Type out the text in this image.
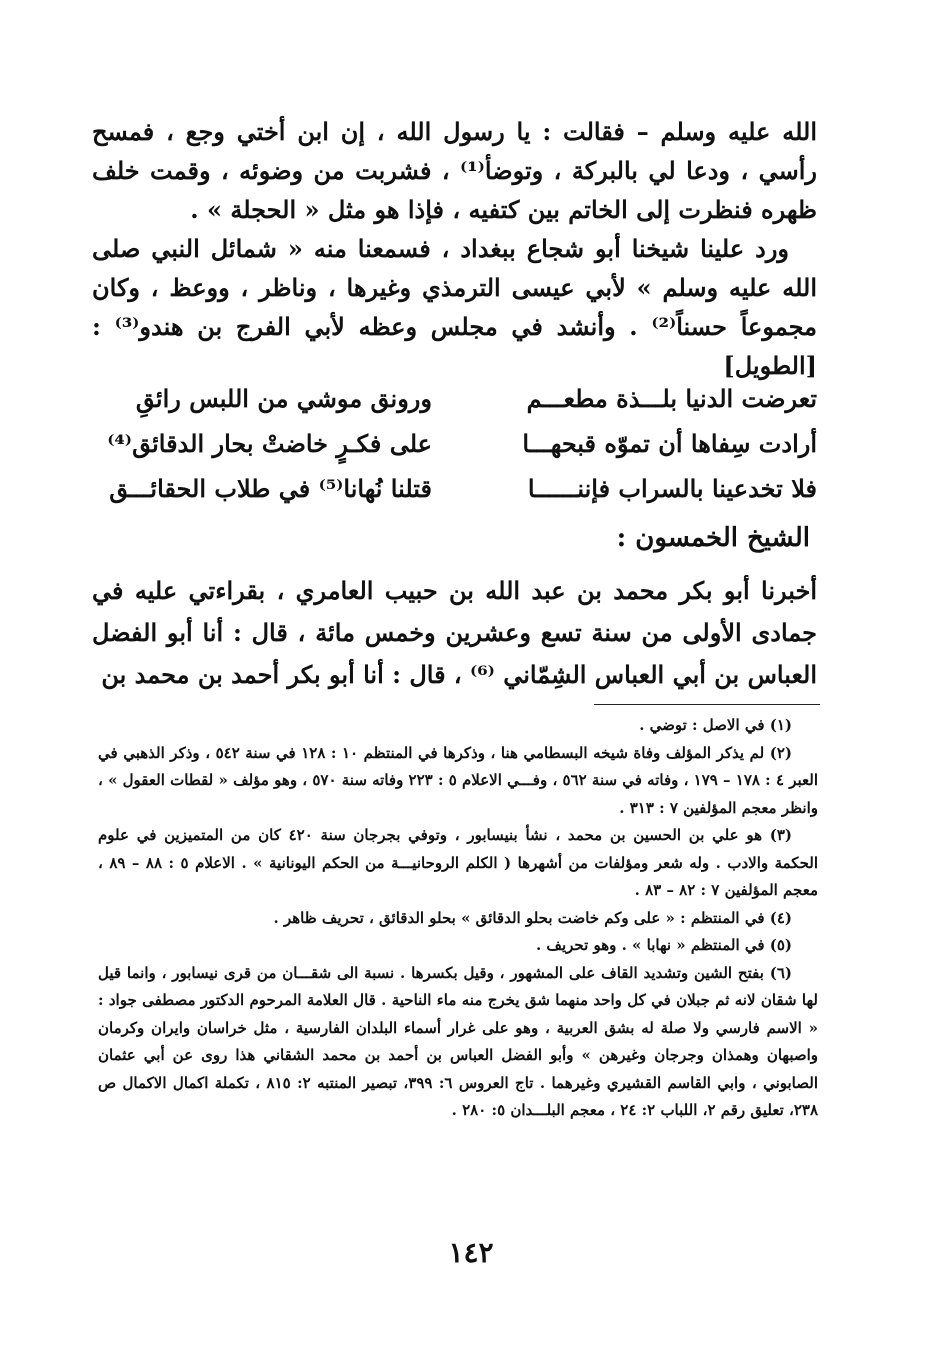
الله عليه وسلم – فقالت : يا رسول الله ، إن ابن أختي وجع ، فمسح رأسي ، ودعا لي بالبركة ، وتوضأ⁽¹⁾ ، فشربت من وضوئه ، وقمت خلف ظهره فنظرت إلى الخاتم بين كتفيه ، فإذا هو مثل « الحجلة » .

ورد علينا شيخنا أبو شجاع ببغداد ، فسمعنا منه « شمائل النبي صلى الله عليه وسلم » لأبي عيسى الترمذي وغيرها ، وناظر ، ووعظ ، وكان مجموعاً حسناً⁽²⁾ . وأنشد في مجلس وعظه لأبي الفرج بن هندو⁽³⁾ : [الطويل]

تعرضت الدنيا بلـــذة مطعـــم
ورونق موشي من اللبس رائقِ
أرادت سِفاها أن تموّه قبحهـــا
على فكـرٍ خاضتْ بحار الدقائق⁽⁴⁾
فلا تخدعينا بالسراب فإننــــــا
قتلنا نُهانا⁽⁵⁾ في طلاب الحقائـــق
الشيخ الخمسون :

أخبرنا أبو بكر محمد بن عبد الله بن حبيب العامري ، بقراءتي عليه في جمادى الأولى من سنة تسع وعشرين وخمس مائة ، قال : أنا أبو الفضل العباس بن أبي العباس الشِمّاني ⁽⁶⁾ ، قال : أنا أبو بكر أحمد بن محمد بن

(١) في الاصل : توضي .

(٢) لم يذكر المؤلف وفاة شيخه البسطامي هنا ، وذكرها في المنتظم ١٠ : ١٢٨ في سنة ٥٤٢ ، وذكر الذهبي في العبر ٤ : ١٧٨ – ١٧٩ ، وفاته في سنة ٥٦٢ ، وفـــي الاعلام ٥ : ٢٢٣ وفاته سنة ٥٧٠ ، وهو مؤلف « لقطات العقول » ، وانظر معجم المؤلفين ٧ : ٣١٣ .

(٣) هو علي بن الحسين بن محمد ، نشأ بنيسابور ، وتوفي بجرجان سنة ٤٢٠ كان من المتميزين في علوم الحكمة والادب . وله شعر ومؤلفات من أشهرها ( الكلم الروحانيـــة من الحكم اليونانية » . الاعلام ٥ : ٨٨ – ٨٩ ، معجم المؤلفين ٧ : ٨٢ – ٨٣ .

(٤) في المنتظم : « على وكم خاضت بحلو الدقائق » بحلو الدقائق ، تحريف ظاهر .

(٥) في المنتظم « نهابا » . وهو تحريف .

(٦) بفتح الشين وتشديد القاف على المشهور ، وقيل بكسرها . نسبة الى شقـــان من قرى نيسابور ، وانما قيل لها شقان لانه ثم جبلان في كل واحد منهما شق يخرج منه ماء الناحية . قال العلامة المرحوم الدكتور مصطفى جواد : « الاسم فارسي ولا صلة له بشق العربية ، وهو على غرار أسماء البلدان الفارسية ، مثل خراسان وايران وكرمان واصبهان وهمذان وجرجان وغيرهن » وأبو الفضل العباس بن أحمد بن محمد الشقاني هذا روى عن أبي عثمان الصابوني ، وابي القاسم القشيري وغيرهما . تاج العروس ٦: ٣٩٩، تبصير المنتبه ٢: ٨١٥ ، تكملة اكمال الاكمال ص ٢٣٨، تعليق رقم ٢، اللباب ٢: ٢٤ ، معجم البلـــدان ٥: ٢٨٠ .

١٤٢
